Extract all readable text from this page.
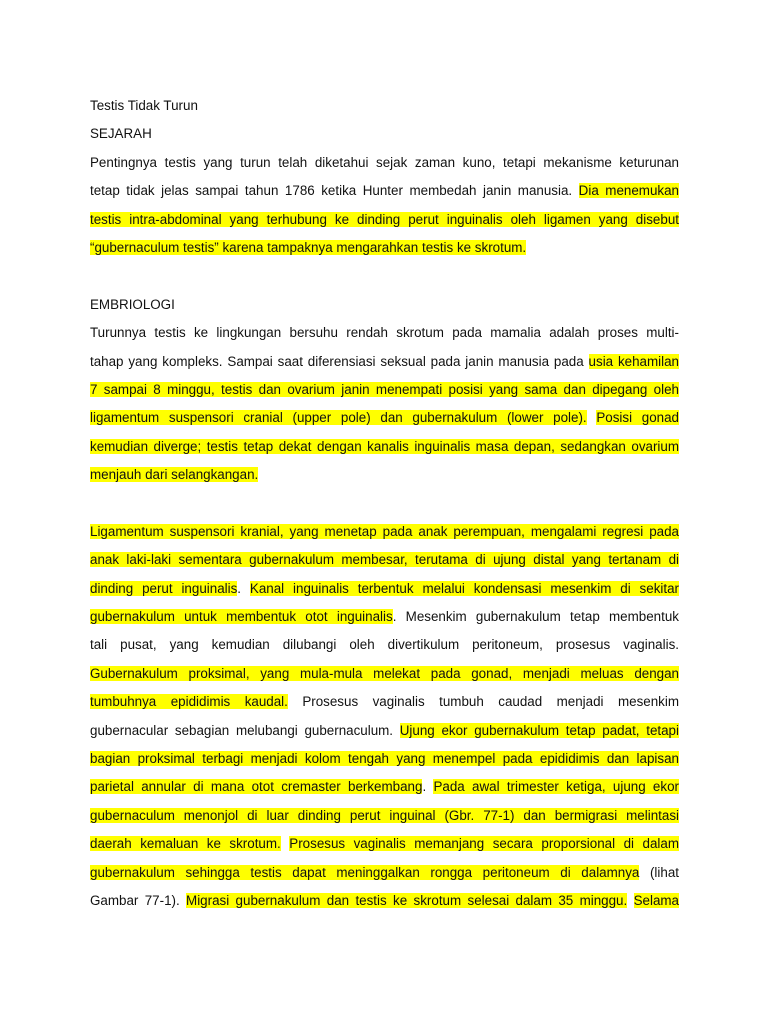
Testis Tidak Turun
SEJARAH
Pentingnya testis yang turun telah diketahui sejak zaman kuno, tetapi mekanisme keturunan
tetap tidak jelas sampai tahun 1786 ketika Hunter membedah janin manusia. Dia menemukan
testis intra-abdominal yang terhubung ke dinding perut inguinalis oleh ligamen yang disebut
“gubernaculum testis” karena tampaknya mengarahkan testis ke skrotum.
EMBRIOLOGI
Turunnya testis ke lingkungan bersuhu rendah skrotum pada mamalia adalah proses multi-
tahap yang kompleks. Sampai saat diferensiasi seksual pada janin manusia pada usia kehamilan
7 sampai 8 minggu, testis dan ovarium janin menempati posisi yang sama dan dipegang oleh
ligamentum suspensori cranial (upper pole) dan gubernakulum (lower pole). Posisi gonad
kemudian diverge; testis tetap dekat dengan kanalis inguinalis masa depan, sedangkan ovarium
menjauh dari selangkangan.
Ligamentum suspensori kranial, yang menetap pada anak perempuan, mengalami regresi pada
anak laki-laki sementara gubernakulum membesar, terutama di ujung distal yang tertanam di
dinding perut inguinalis. Kanal inguinalis terbentuk melalui kondensasi mesenkim di sekitar
gubernakulum untuk membentuk otot inguinalis. Mesenkim gubernakulum tetap membentuk
tali pusat, yang kemudian dilubangi oleh divertikulum peritoneum, prosesus vaginalis.
Gubernakulum proksimal, yang mula-mula melekat pada gonad, menjadi meluas dengan
tumbuhnya epididimis kaudal. Prosesus vaginalis tumbuh caudad menjadi mesenkim
gubernacular sebagian melubangi gubernaculum. Ujung ekor gubernakulum tetap padat, tetapi
bagian proksimal terbagi menjadi kolom tengah yang menempel pada epididimis dan lapisan
parietal annular di mana otot cremaster berkembang. Pada awal trimester ketiga, ujung ekor
gubernaculum menonjol di luar dinding perut inguinal (Gbr. 77-1) dan bermigrasi melintasi
daerah kemaluan ke skrotum. Prosesus vaginalis memanjang secara proporsional di dalam
gubernakulum sehingga testis dapat meninggalkan rongga peritoneum di dalamnya (lihat
Gambar 77-1). Migrasi gubernakulum dan testis ke skrotum selesai dalam 35 minggu. Selama
